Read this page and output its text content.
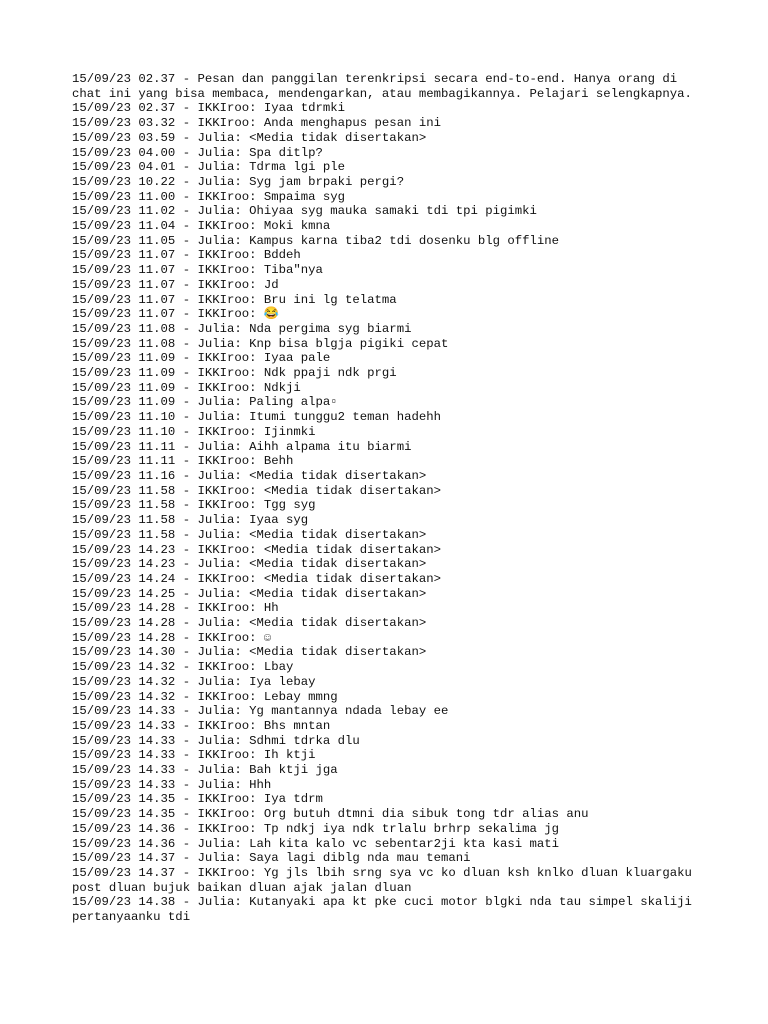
15/09/23 02.37 - Pesan dan panggilan terenkripsi secara end-to-end. Hanya orang di chat ini yang bisa membaca, mendengarkan, atau membagikannya. Pelajari selengkapnya.
15/09/23 02.37 - IKKIroo: Iyaa tdrmki
15/09/23 03.32 - IKKIroo: Anda menghapus pesan ini
15/09/23 03.59 - Julia: <Media tidak disertakan>
15/09/23 04.00 - Julia: Spa ditlp?
15/09/23 04.01 - Julia: Tdrma lgi ple
15/09/23 10.22 - Julia: Syg jam brpaki pergi?
15/09/23 11.00 - IKKIroo: Smpaima syg
15/09/23 11.02 - Julia: Ohiyaa syg mauka samaki tdi tpi pigimki
15/09/23 11.04 - IKKIroo: Moki kmna
15/09/23 11.05 - Julia: Kampus karna tiba2 tdi dosenku blg offline
15/09/23 11.07 - IKKIroo: Bddeh
15/09/23 11.07 - IKKIroo: Tiba"nya
15/09/23 11.07 - IKKIroo: Jd
15/09/23 11.07 - IKKIroo: Bru ini lg telatma
15/09/23 11.07 - IKKIroo: 😂
15/09/23 11.08 - Julia: Nda pergima syg biarmi
15/09/23 11.08 - Julia: Knp bisa blgja pigiki cepat
15/09/23 11.09 - IKKIroo: Iyaa pale
15/09/23 11.09 - IKKIroo: Ndk ppaji ndk prgi
15/09/23 11.09 - IKKIroo: Ndkji
15/09/23 11.09 - Julia: Paling alpa▫
15/09/23 11.10 - Julia: Itumi tunggu2 teman hadehh
15/09/23 11.10 - IKKIroo: Ijinmki
15/09/23 11.11 - Julia: Aihh alpama itu biarmi
15/09/23 11.11 - IKKIroo: Behh
15/09/23 11.16 - Julia: <Media tidak disertakan>
15/09/23 11.58 - IKKIroo: <Media tidak disertakan>
15/09/23 11.58 - IKKIroo: Tgg syg
15/09/23 11.58 - Julia: Iyaa syg
15/09/23 11.58 - Julia: <Media tidak disertakan>
15/09/23 14.23 - IKKIroo: <Media tidak disertakan>
15/09/23 14.23 - Julia: <Media tidak disertakan>
15/09/23 14.24 - IKKIroo: <Media tidak disertakan>
15/09/23 14.25 - Julia: <Media tidak disertakan>
15/09/23 14.28 - IKKIroo: Hh
15/09/23 14.28 - Julia: <Media tidak disertakan>
15/09/23 14.28 - IKKIroo: ☺
15/09/23 14.30 - Julia: <Media tidak disertakan>
15/09/23 14.32 - IKKIroo: Lbay
15/09/23 14.32 - Julia: Iya lebay
15/09/23 14.32 - IKKIroo: Lebay mmng
15/09/23 14.33 - Julia: Yg mantannya ndada lebay ee
15/09/23 14.33 - IKKIroo: Bhs mntan
15/09/23 14.33 - Julia: Sdhmi tdrka dlu
15/09/23 14.33 - IKKIroo: Ih ktji
15/09/23 14.33 - Julia: Bah ktji jga
15/09/23 14.33 - Julia: Hhh
15/09/23 14.35 - IKKIroo: Iya tdrm
15/09/23 14.35 - IKKIroo: Org butuh dtmni dia sibuk tong tdr alias anu
15/09/23 14.36 - IKKIroo: Tp ndkj iya ndk trlalu brhrp sekalima jg
15/09/23 14.36 - Julia: Lah kita kalo vc sebentar2ji kta kasi mati
15/09/23 14.37 - Julia: Saya lagi diblg nda mau temani
15/09/23 14.37 - IKKIroo: Yg jls lbih srng sya vc ko dluan ksh knlko dluan kluargaku post dluan bujuk baikan dluan ajak jalan dluan
15/09/23 14.38 - Julia: Kutanyaki apa kt pke cuci motor blgki nda tau simpel skaliji pertanyaanku tdi
